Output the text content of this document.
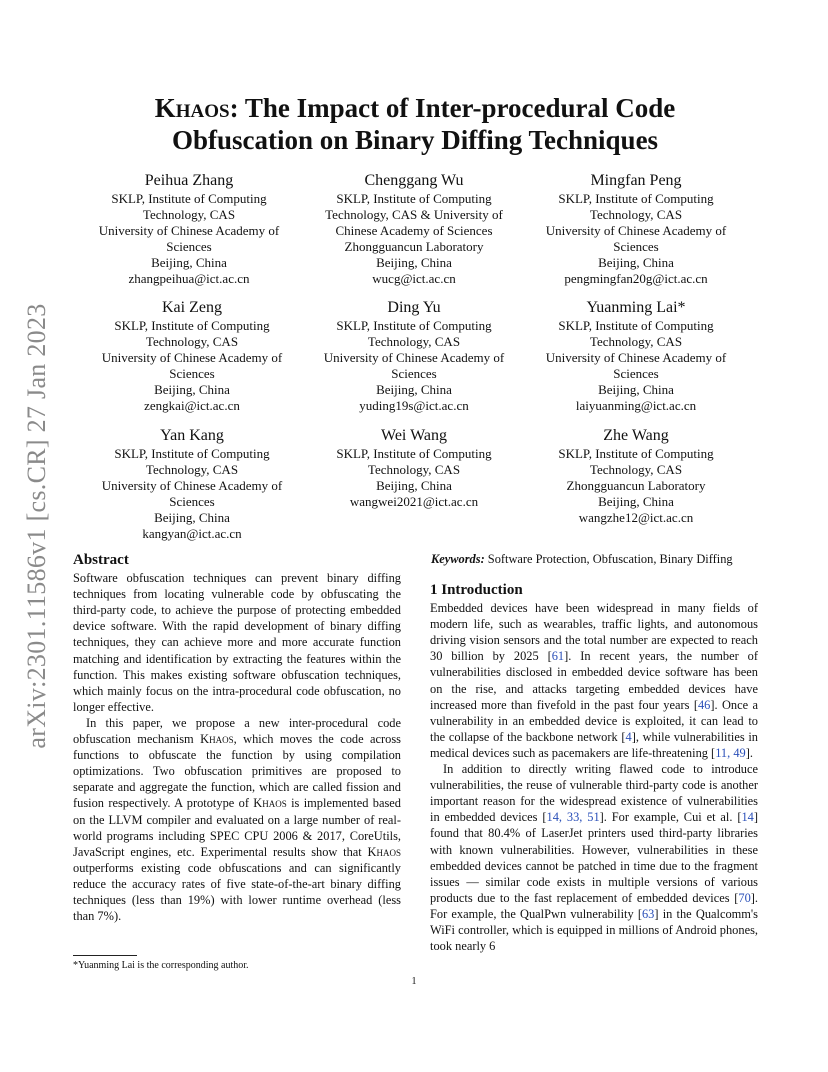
arXiv:2301.11586v1 [cs.CR] 27 Jan 2023
Khaos: The Impact of Inter-procedural Code
Obfuscation on Binary Diffing Techniques
Peihua Zhang
SKLP, Institute of Computing
Technology, CAS
University of Chinese Academy of
Sciences
Beijing, China
zhangpeihua@ict.ac.cn
Chenggang Wu
SKLP, Institute of Computing
Technology, CAS & University of
Chinese Academy of Sciences
Zhongguancun Laboratory
Beijing, China
wucg@ict.ac.cn
Mingfan Peng
SKLP, Institute of Computing
Technology, CAS
University of Chinese Academy of
Sciences
Beijing, China
pengmingfan20g@ict.ac.cn
Kai Zeng
SKLP, Institute of Computing
Technology, CAS
University of Chinese Academy of
Sciences
Beijing, China
zengkai@ict.ac.cn
Ding Yu
SKLP, Institute of Computing
Technology, CAS
University of Chinese Academy of
Sciences
Beijing, China
yuding19s@ict.ac.cn
Yuanming Lai*
SKLP, Institute of Computing
Technology, CAS
University of Chinese Academy of
Sciences
Beijing, China
laiyuanming@ict.ac.cn
Yan Kang
SKLP, Institute of Computing
Technology, CAS
University of Chinese Academy of
Sciences
Beijing, China
kangyan@ict.ac.cn
Wei Wang
SKLP, Institute of Computing
Technology, CAS
Beijing, China
wangwei2021@ict.ac.cn
Zhe Wang
SKLP, Institute of Computing
Technology, CAS
Zhongguancun Laboratory
Beijing, China
wangzhe12@ict.ac.cn
Abstract

Software obfuscation techniques can prevent binary diffing techniques from locating vulnerable code by obfuscating the third-party code, to achieve the purpose of protecting embedded device software. With the rapid development of binary diffing techniques, they can achieve more and more accurate function matching and identification by extracting the features within the function. This makes existing software obfuscation techniques, which mainly focus on the intra-procedural code obfuscation, no longer effective.

In this paper, we propose a new inter-procedural code obfuscation mechanism Khaos, which moves the code across functions to obfuscate the function by using compilation optimizations. Two obfuscation primitives are proposed to separate and aggregate the function, which are called fission and fusion respectively. A prototype of Khaos is implemented based on the LLVM compiler and evaluated on a large number of real-world programs including SPEC CPU 2006 & 2017, CoreUtils, JavaScript engines, etc. Experimental results show that Khaos outperforms existing code obfuscations and can significantly reduce the accuracy rates of five state-of-the-art binary diffing techniques (less than 19%) with lower runtime overhead (less than 7%).

Keywords: Software Protection, Obfuscation, Binary Diffing
1 Introduction

Embedded devices have been widespread in many fields of modern life, such as wearables, traffic lights, and autonomous driving vision sensors and the total number are expected to reach 30 billion by 2025 [61]. In recent years, the number of vulnerabilities disclosed in embedded device software has been on the rise, and attacks targeting embedded devices have increased more than fivefold in the past four years [46]. Once a vulnerability in an embedded device is exploited, it can lead to the collapse of the backbone network [4], while vulnerabilities in medical devices such as pacemakers are life-threatening [11, 49].

In addition to directly writing flawed code to introduce vulnerabilities, the reuse of vulnerable third-party code is another important reason for the widespread existence of vulnerabilities in embedded devices [14, 33, 51]. For example, Cui et al. [14] found that 80.4% of LaserJet printers used third-party libraries with known vulnerabilities. However, vulnerabilities in these embedded devices cannot be patched in time due to the fragment issues — similar code exists in multiple versions of various products due to the fast replacement of embedded devices [70]. For example, the QualPwn vulnerability [63] in the Qualcomm's WiFi controller, which is equipped in millions of Android phones, took nearly 6

*Yuanming Lai is the corresponding author.
1
